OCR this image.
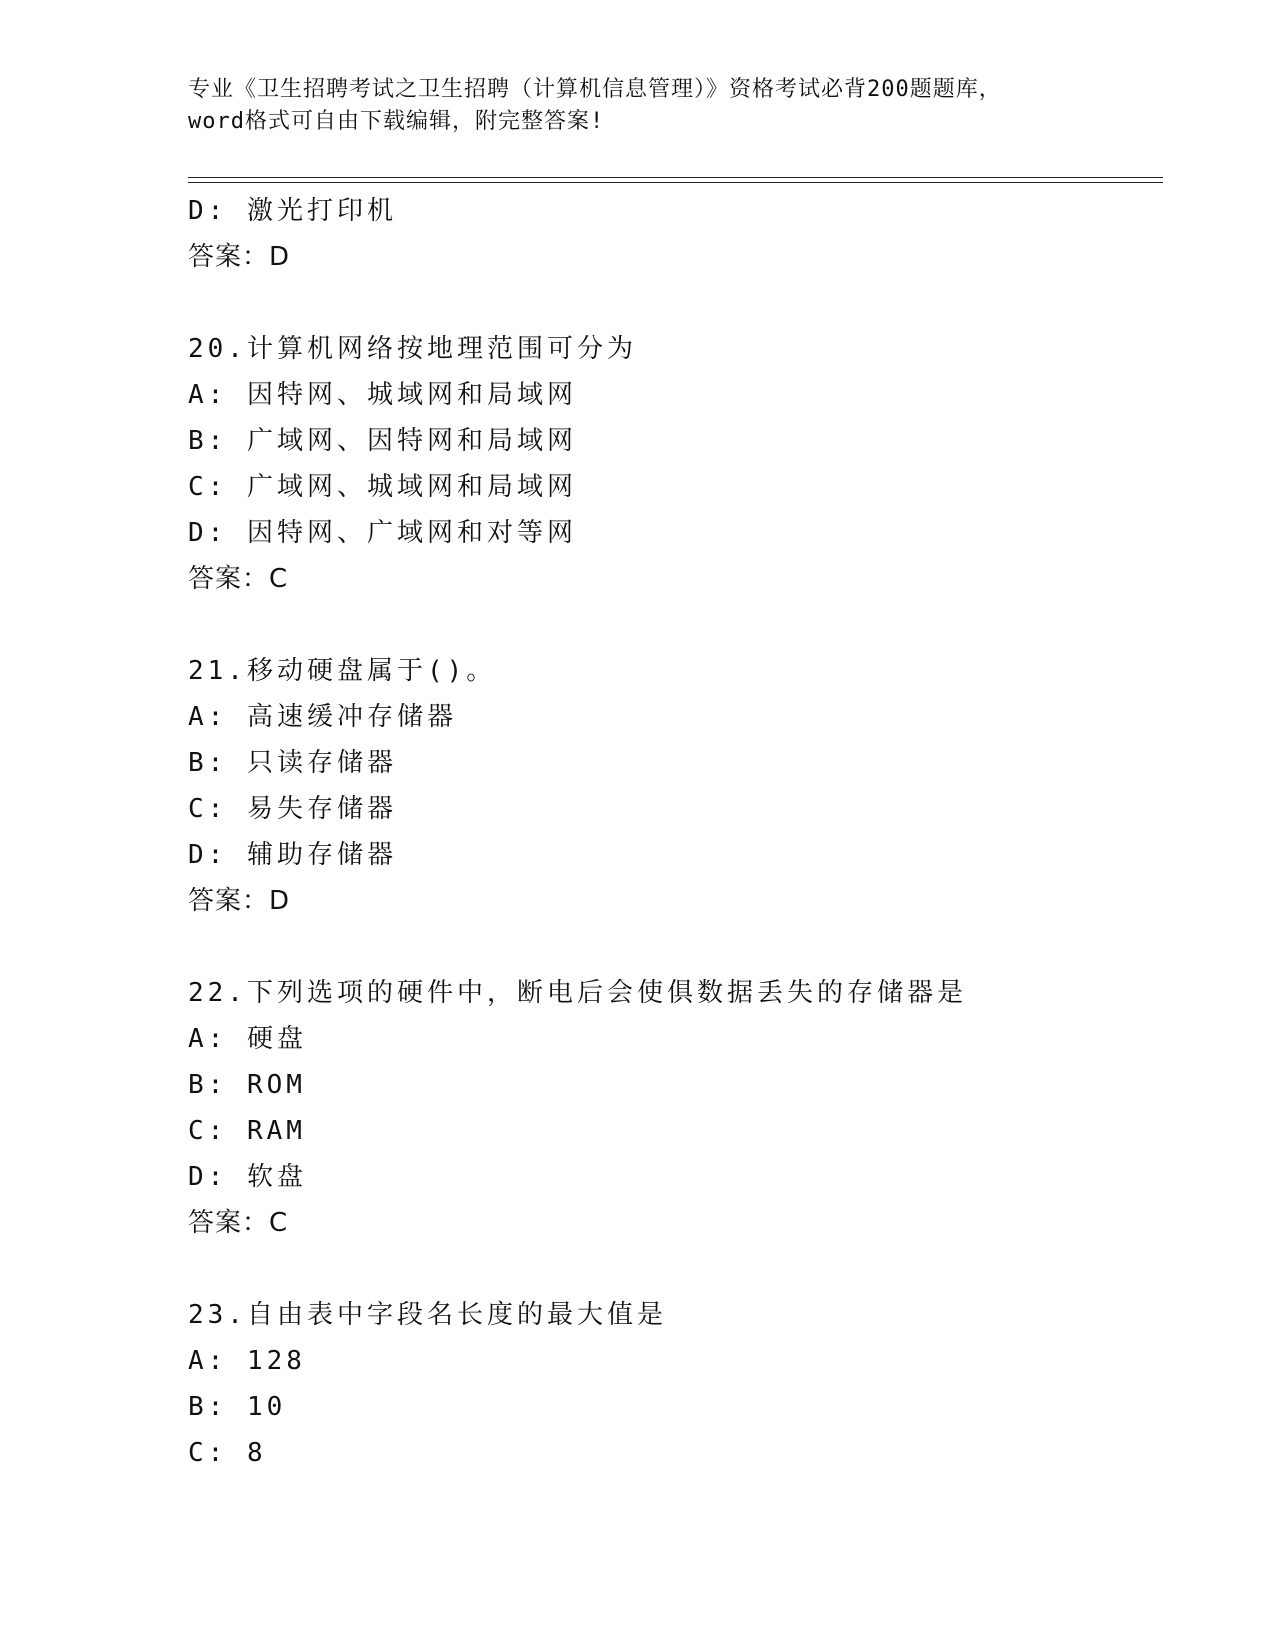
专业《卫生招聘考试之卫生招聘（计算机信息管理）》资格考试必背200题题库，
word格式可自由下载编辑，附完整答案!
D: 激光打印机
答案：D
20.计算机网络按地理范围可分为
A: 因特网、城域网和局域网
B: 广域网、因特网和局域网
C: 广域网、城域网和局域网
D: 因特网、广域网和对等网
答案：C
21.移动硬盘属于()。
A: 高速缓冲存储器
B: 只读存储器
C: 易失存储器
D: 辅助存储器
答案：D
22.下列选项的硬件中，断电后会使俱数据丢失的存储器是
A: 硬盘
B: ROM
C: RAM
D: 软盘
答案：C
23.自由表中字段名长度的最大值是
A: 128
B: 10
C: 8
